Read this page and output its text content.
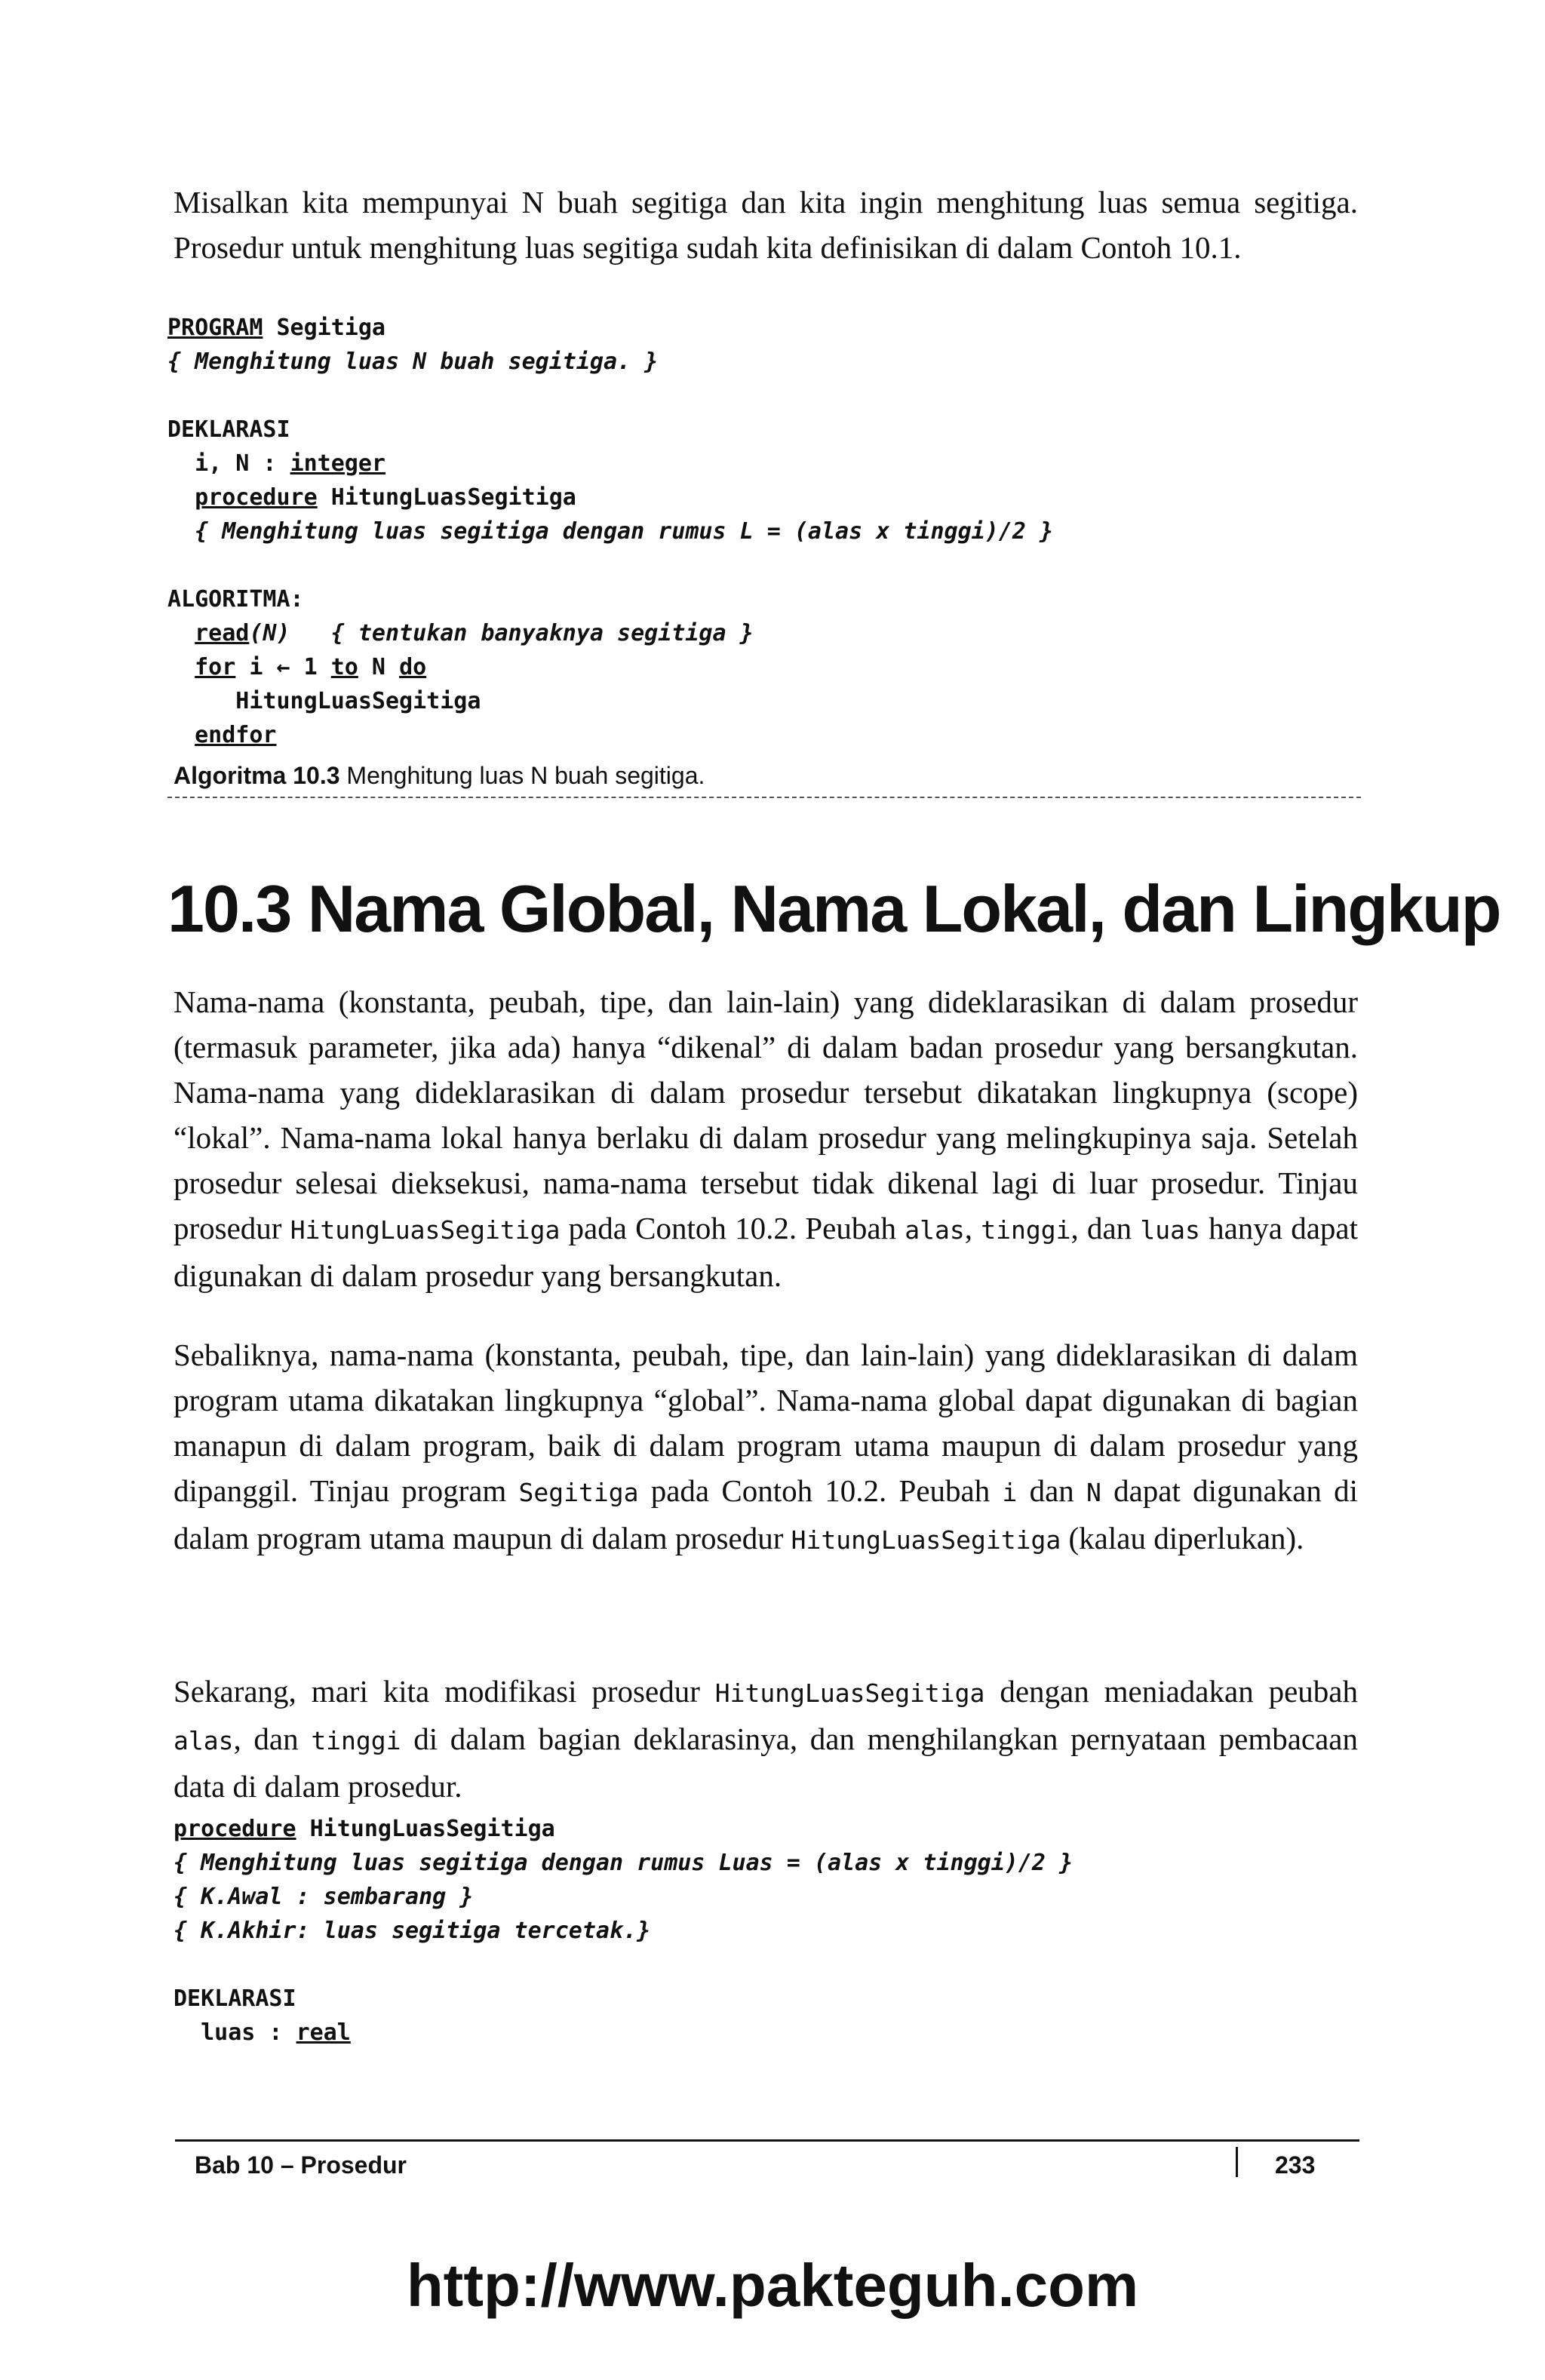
Misalkan kita mempunyai N buah segitiga dan kita ingin menghitung luas semua segitiga. Prosedur untuk menghitung luas segitiga sudah kita definisikan di dalam Contoh 10.1.

PROGRAM Segitiga
{ Menghitung luas N buah segitiga. }
DEKLARASI
i, N : integer
procedure HitungLuasSegitiga
{ Menghitung luas segitiga dengan rumus L = (alas x tinggi)/2 }
ALGORITMA:
read(N)   { tentukan banyaknya segitiga }
for i ← 1 to N do
HitungLuasSegitiga
endfor
Algoritma 10.3 Menghitung luas N buah segitiga.
10.3 Nama Global, Nama Lokal, dan Lingkup

Nama-nama (konstanta, peubah, tipe, dan lain-lain) yang dideklarasikan di dalam prosedur (termasuk parameter, jika ada) hanya “dikenal” di dalam badan prosedur yang bersangkutan. Nama-nama yang dideklarasikan di dalam prosedur tersebut dikatakan lingkupnya (scope) “lokal”. Nama-nama lokal hanya berlaku di dalam prosedur yang melingkupinya saja. Setelah prosedur selesai dieksekusi, nama-nama tersebut tidak dikenal lagi di luar prosedur. Tinjau prosedur HitungLuasSegitiga pada Contoh 10.2. Peubah alas, tinggi, dan luas hanya dapat digunakan di dalam prosedur yang bersangkutan.

Sebaliknya, nama-nama (konstanta, peubah, tipe, dan lain-lain) yang dideklarasikan di dalam program utama dikatakan lingkupnya “global”. Nama-nama global dapat digunakan di bagian manapun di dalam program, baik di dalam program utama maupun di dalam prosedur yang dipanggil. Tinjau program Segitiga pada Contoh 10.2. Peubah i dan N dapat digunakan di dalam program utama maupun di dalam prosedur HitungLuasSegitiga (kalau diperlukan).

Sekarang, mari kita modifikasi prosedur HitungLuasSegitiga dengan meniadakan peubah alas, dan tinggi di dalam bagian deklarasinya, dan menghilangkan pernyataan pembacaan data di dalam prosedur.

procedure HitungLuasSegitiga
{ Menghitung luas segitiga dengan rumus Luas = (alas x tinggi)/2 }
{ K.Awal : sembarang }
{ K.Akhir: luas segitiga tercetak.}
DEKLARASI
luas : real
Bab 10 – Prosedur	233
http://www.pakteguh.com
